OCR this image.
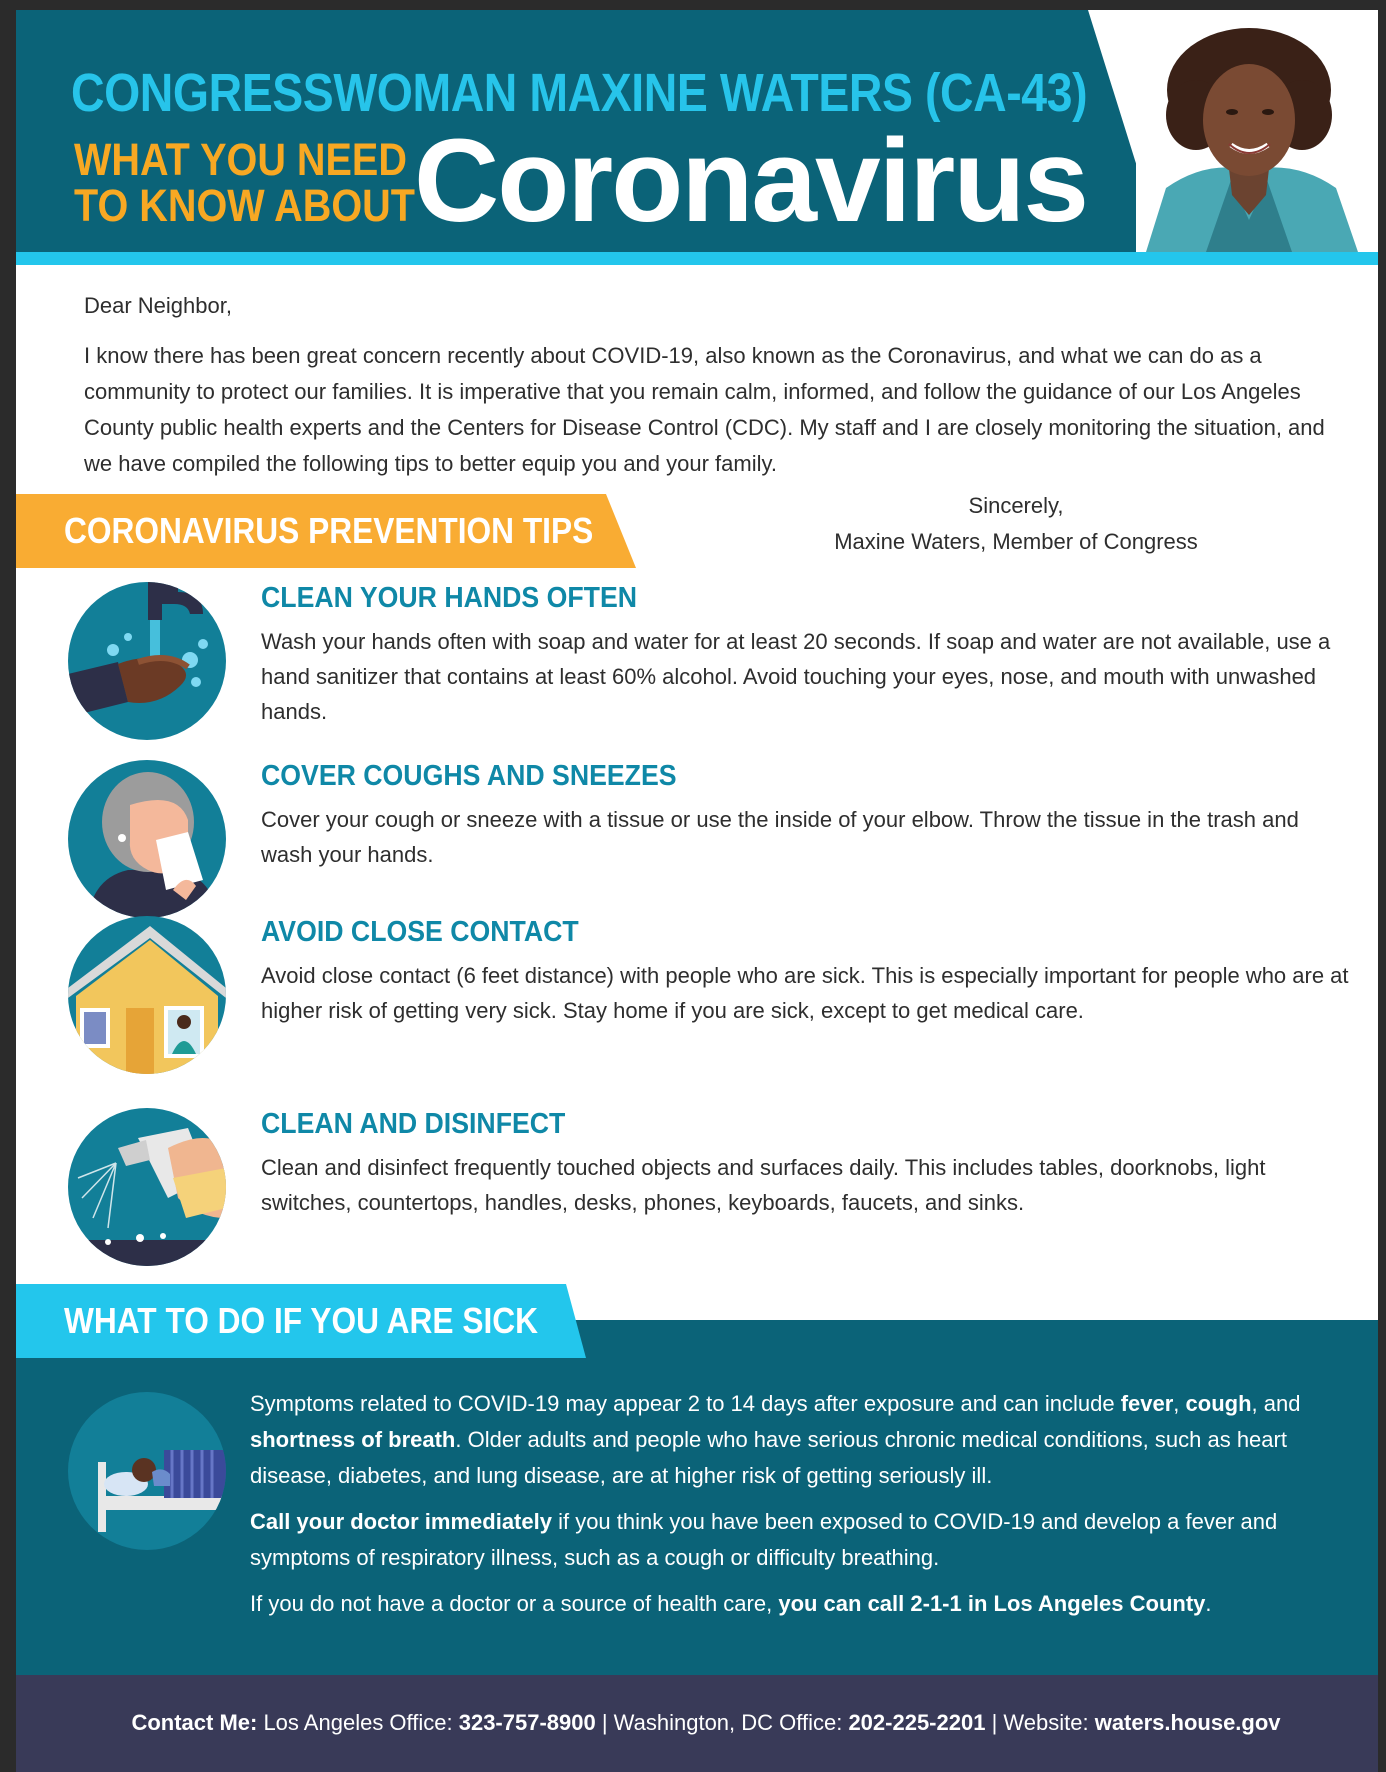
CONGRESSWOMAN MAXINE WATERS (CA-43)
WHAT YOU NEED
TO KNOW ABOUT Coronavirus

Dear Neighbor,

I know there has been great concern recently about COVID-19, also known as the Coronavirus, and what we can do as a community to protect our families. It is imperative that you remain calm, informed, and follow the guidance of our Los Angeles County public health experts and the Centers for Disease Control (CDC). My staff and I are closely monitoring the situation, and we have compiled the following tips to better equip you and your family.

Sincerely,
Maxine Waters, Member of Congress
CORONAVIRUS PREVENTION TIPS
CLEAN YOUR HANDS OFTEN

Wash your hands often with soap and water for at least 20 seconds. If soap and water are not available, use a hand sanitizer that contains at least 60% alcohol. Avoid touching your eyes, nose, and mouth with unwashed hands.

COVER COUGHS AND SNEEZES

Cover your cough or sneeze with a tissue or use the inside of your elbow. Throw the tissue in the trash and wash your hands.

AVOID CLOSE CONTACT

Avoid close contact (6 feet distance) with people who are sick. This is especially important for people who are at higher risk of getting very sick. Stay home if you are sick, except to get medical care.

CLEAN AND DISINFECT

Clean and disinfect frequently touched objects and surfaces daily. This includes tables, doorknobs, light switches, countertops, handles, desks, phones, keyboards, faucets, and sinks.

WHAT TO DO IF YOU ARE SICK

Symptoms related to COVID-19 may appear 2 to 14 days after exposure and can include fever, cough, and shortness of breath. Older adults and people who have serious chronic medical conditions, such as heart disease, diabetes, and lung disease, are at higher risk of getting seriously ill.

Call your doctor immediately if you think you have been exposed to COVID-19 and develop a fever and symptoms of respiratory illness, such as a cough or difficulty breathing.

If you do not have a doctor or a source of health care, you can call 2-1-1 in Los Angeles County.

Contact Me: Los Angeles Office: 323-757-8900 | Washington, DC Office: 202-225-2201 | Website: waters.house.gov
